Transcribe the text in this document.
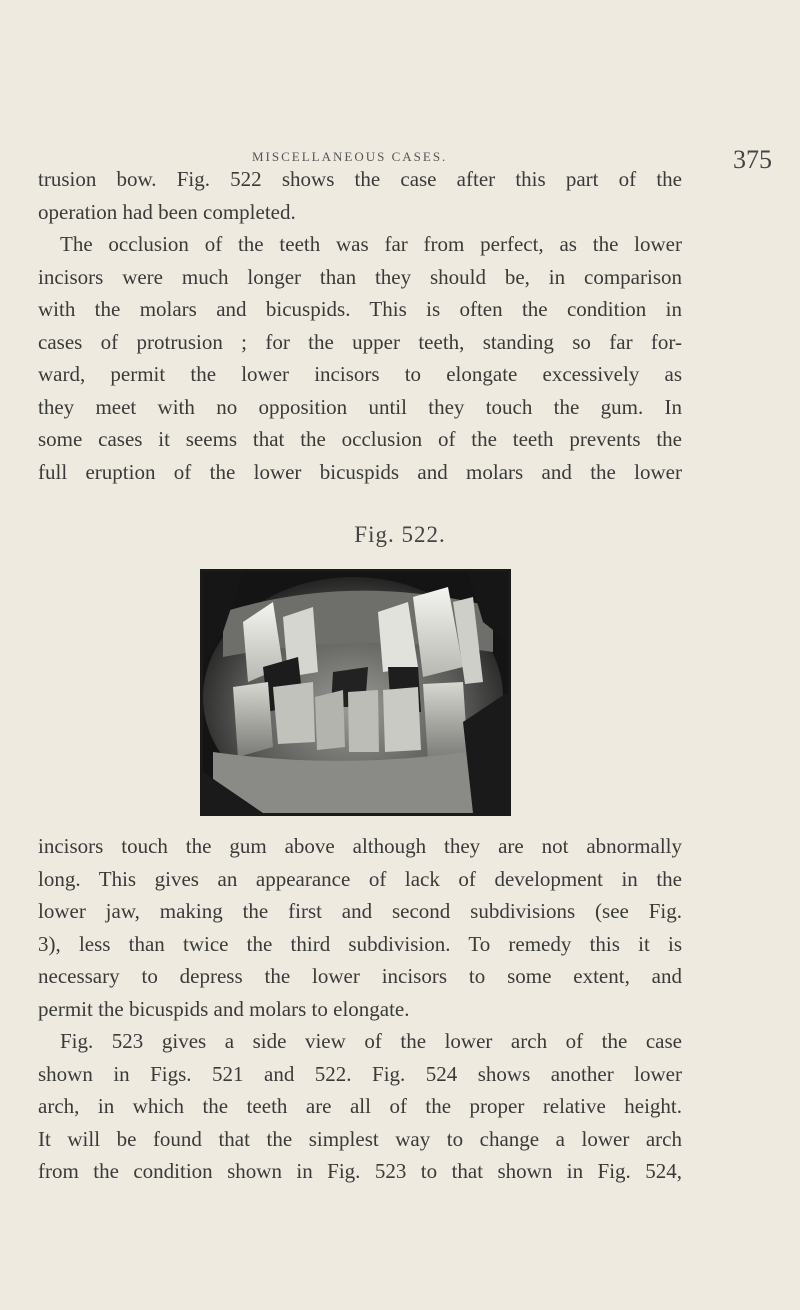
MISCELLANEOUS CASES.	375
trusion bow. Fig. 522 shows the case after this part of the
operation had been completed.
The occlusion of the teeth was far from perfect, as the lower
incisors were much longer than they should be, in comparison
with the molars and bicuspids. This is often the condition in
cases of protrusion ; for the upper teeth, standing so far for-
ward, permit the lower incisors to elongate excessively as
they meet with no opposition until they touch the gum. In
some cases it seems that the occlusion of the teeth prevents the
full eruption of the lower bicuspids and molars and the lower
Fig. 522.
incisors touch the gum above although they are not abnormally
long. This gives an appearance of lack of development in the
lower jaw, making the first and second subdivisions (see Fig.
3), less than twice the third subdivision. To remedy this it is
necessary to depress the lower incisors to some extent, and
permit the bicuspids and molars to elongate.
Fig. 523 gives a side view of the lower arch of the case
shown in Figs. 521 and 522. Fig. 524 shows another lower
arch, in which the teeth are all of the proper relative height.
It will be found that the simplest way to change a lower arch
from the condition shown in Fig. 523 to that shown in Fig. 524,
